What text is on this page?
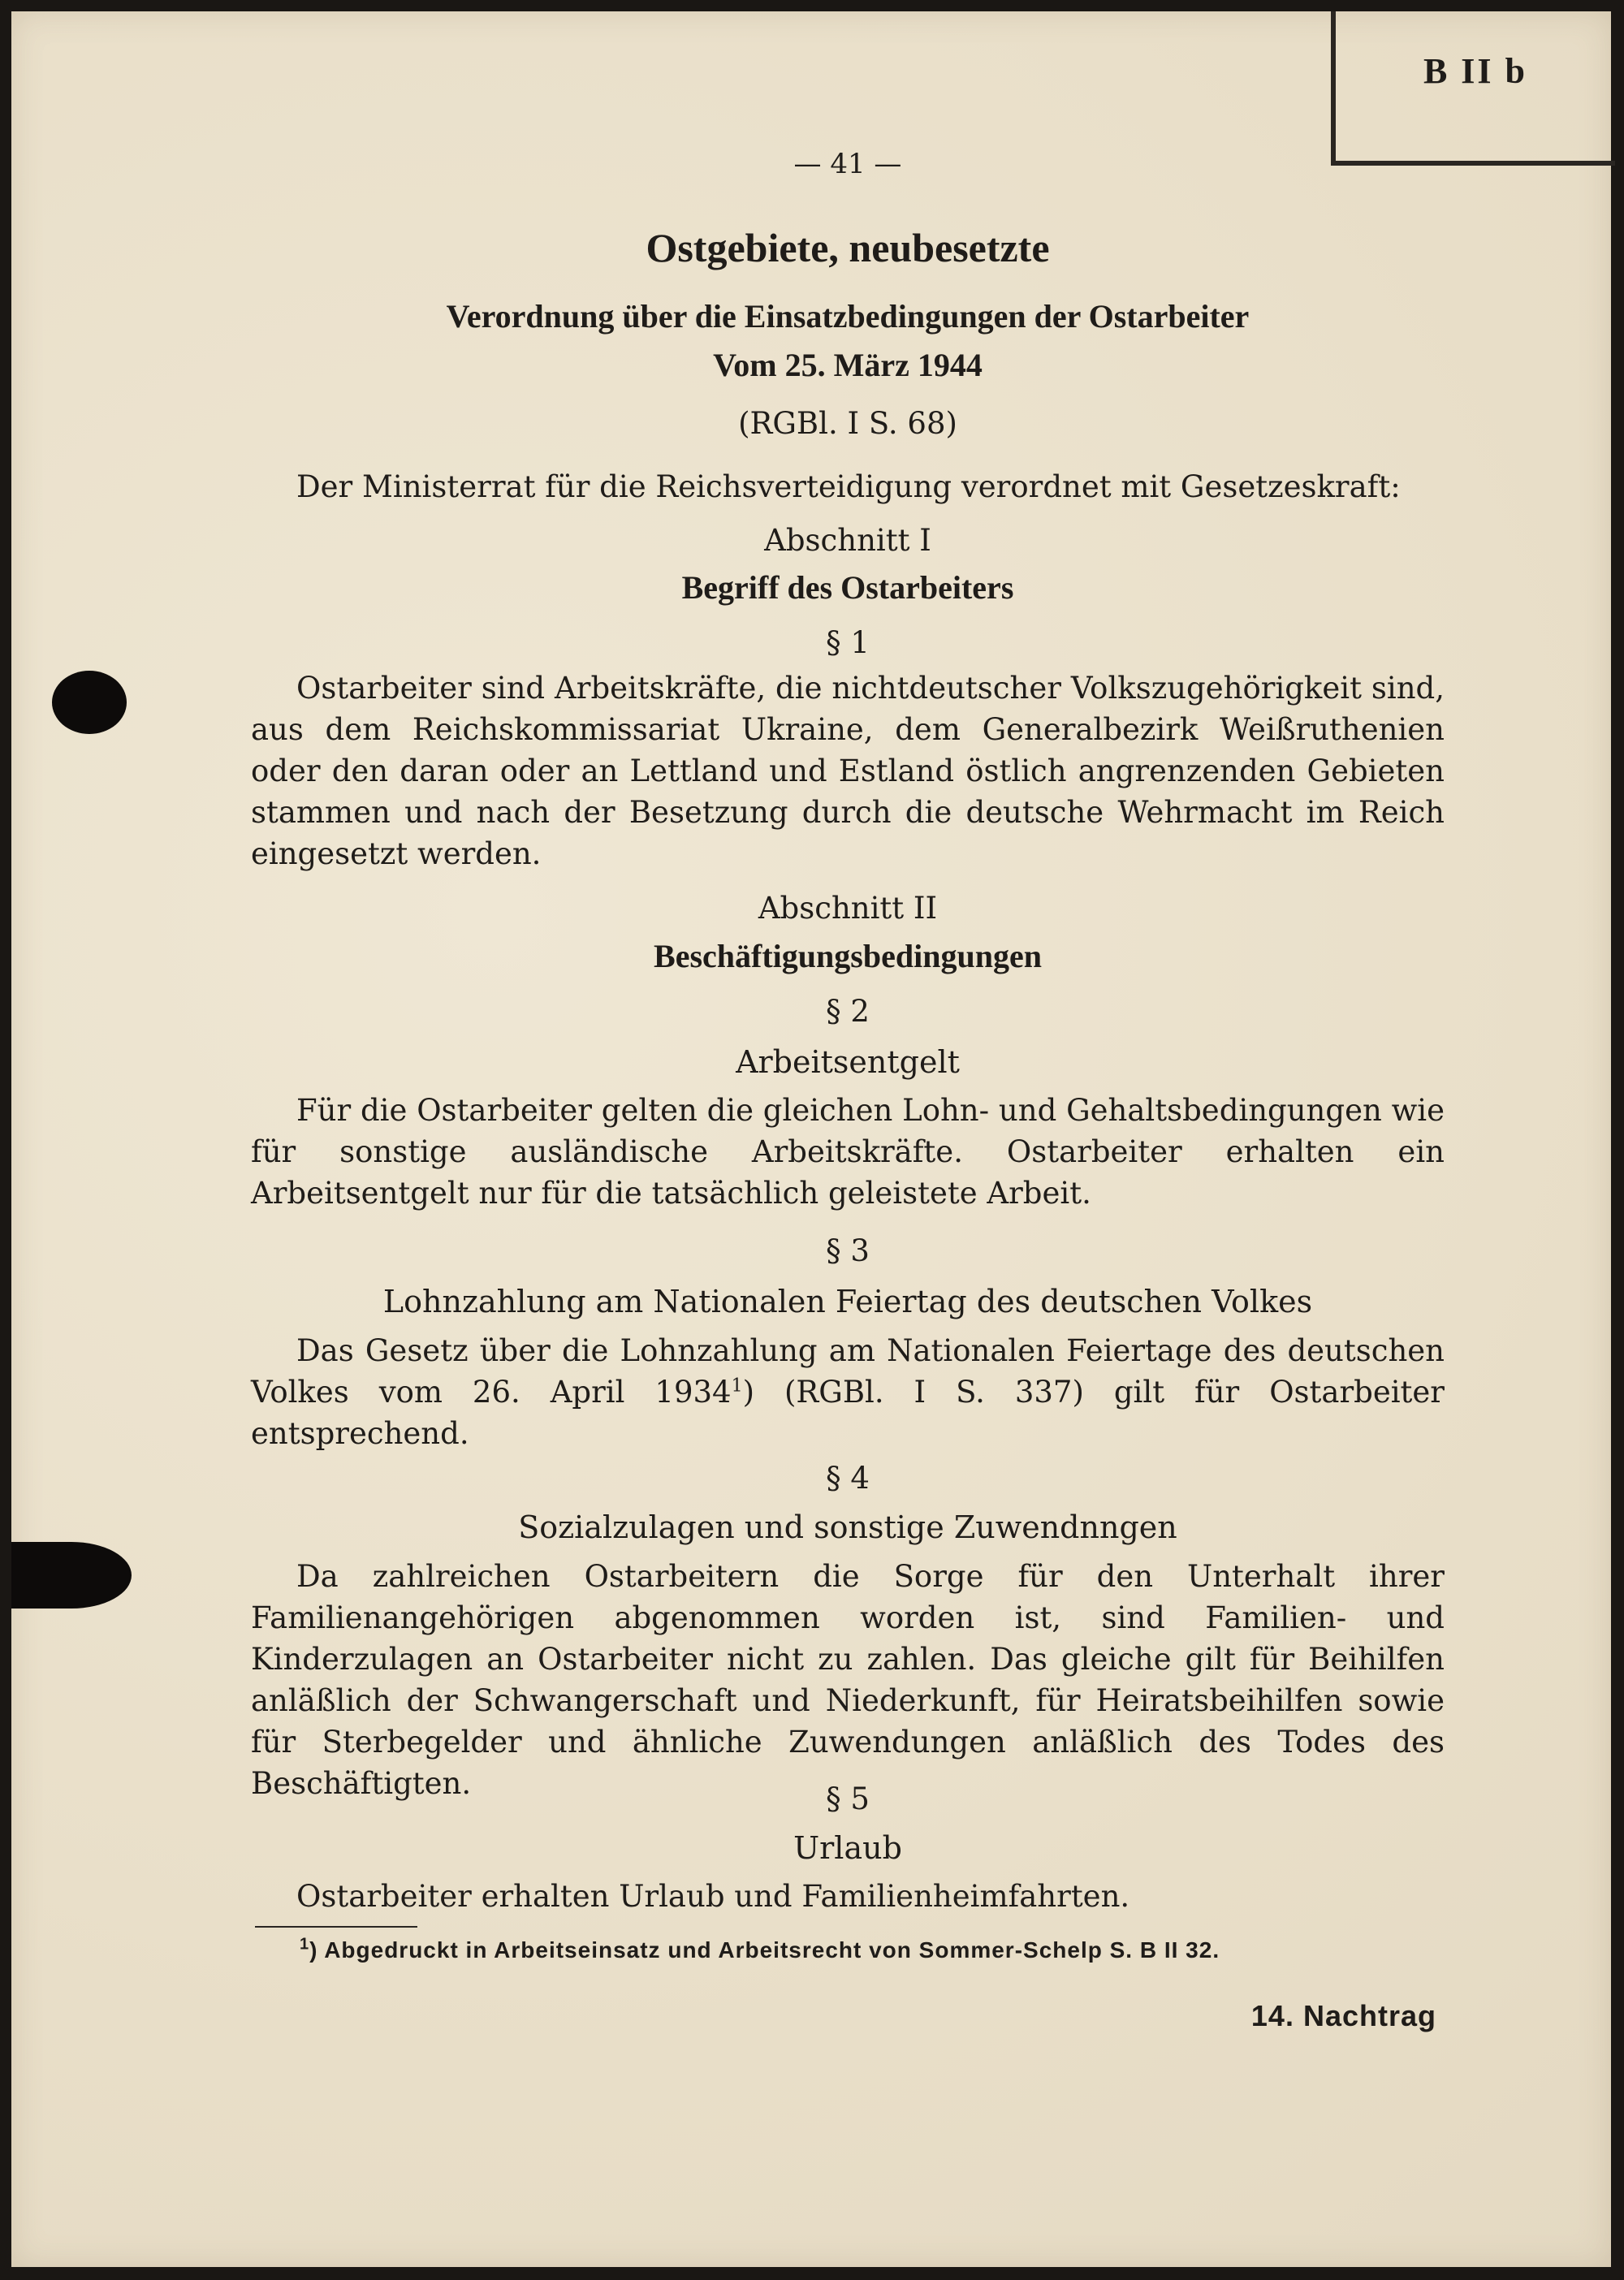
B II b
— 41 —
Ostgebiete, neubesetzte
Verordnung über die Einsatzbedingungen der Ostarbeiter
Vom 25. März 1944
(RGBl. I S. 68)
Der Ministerrat für die Reichsverteidigung verordnet mit Gesetzeskraft:
Abschnitt I
Begriff des Ostarbeiters
§ 1
Ostarbeiter sind Arbeitskräfte, die nichtdeutscher Volkszugehörigkeit sind, aus dem Reichskommissariat Ukraine, dem Generalbezirk Weißruthenien oder den daran oder an Lettland und Estland östlich angrenzenden Gebieten stammen und nach der Besetzung durch die deutsche Wehrmacht im Reich eingesetzt werden.
Abschnitt II
Beschäftigungsbedingungen
§ 2
Arbeitsentgelt
Für die Ostarbeiter gelten die gleichen Lohn- und Gehaltsbedingungen wie für sonstige ausländische Arbeitskräfte. Ostarbeiter erhalten ein Arbeitsentgelt nur für die tatsächlich geleistete Arbeit.
§ 3
Lohnzahlung am Nationalen Feiertag des deutschen Volkes
Das Gesetz über die Lohnzahlung am Nationalen Feiertage des deutschen Volkes vom 26. April 1934$^1$) (RGBl. I S. 337) gilt für Ostarbeiter entsprechend.
§ 4
Sozialzulagen und sonstige Zuwendnngen
Da zahlreichen Ostarbeitern die Sorge für den Unterhalt ihrer Familienangehörigen abgenommen worden ist, sind Familien- und Kinderzulagen an Ostarbeiter nicht zu zahlen. Das gleiche gilt für Beihilfen anläßlich der Schwangerschaft und Niederkunft, für Heiratsbeihilfen sowie für Sterbegelder und ähnliche Zuwendungen anläßlich des Todes des Beschäftigten.	§ 5
Urlaub
Ostarbeiter erhalten Urlaub und Familienheimfahrten.
$^1$) Abgedruckt in Arbeitseinsatz und Arbeitsrecht von Sommer-Schelp S. B II 32.
14. Nachtrag
